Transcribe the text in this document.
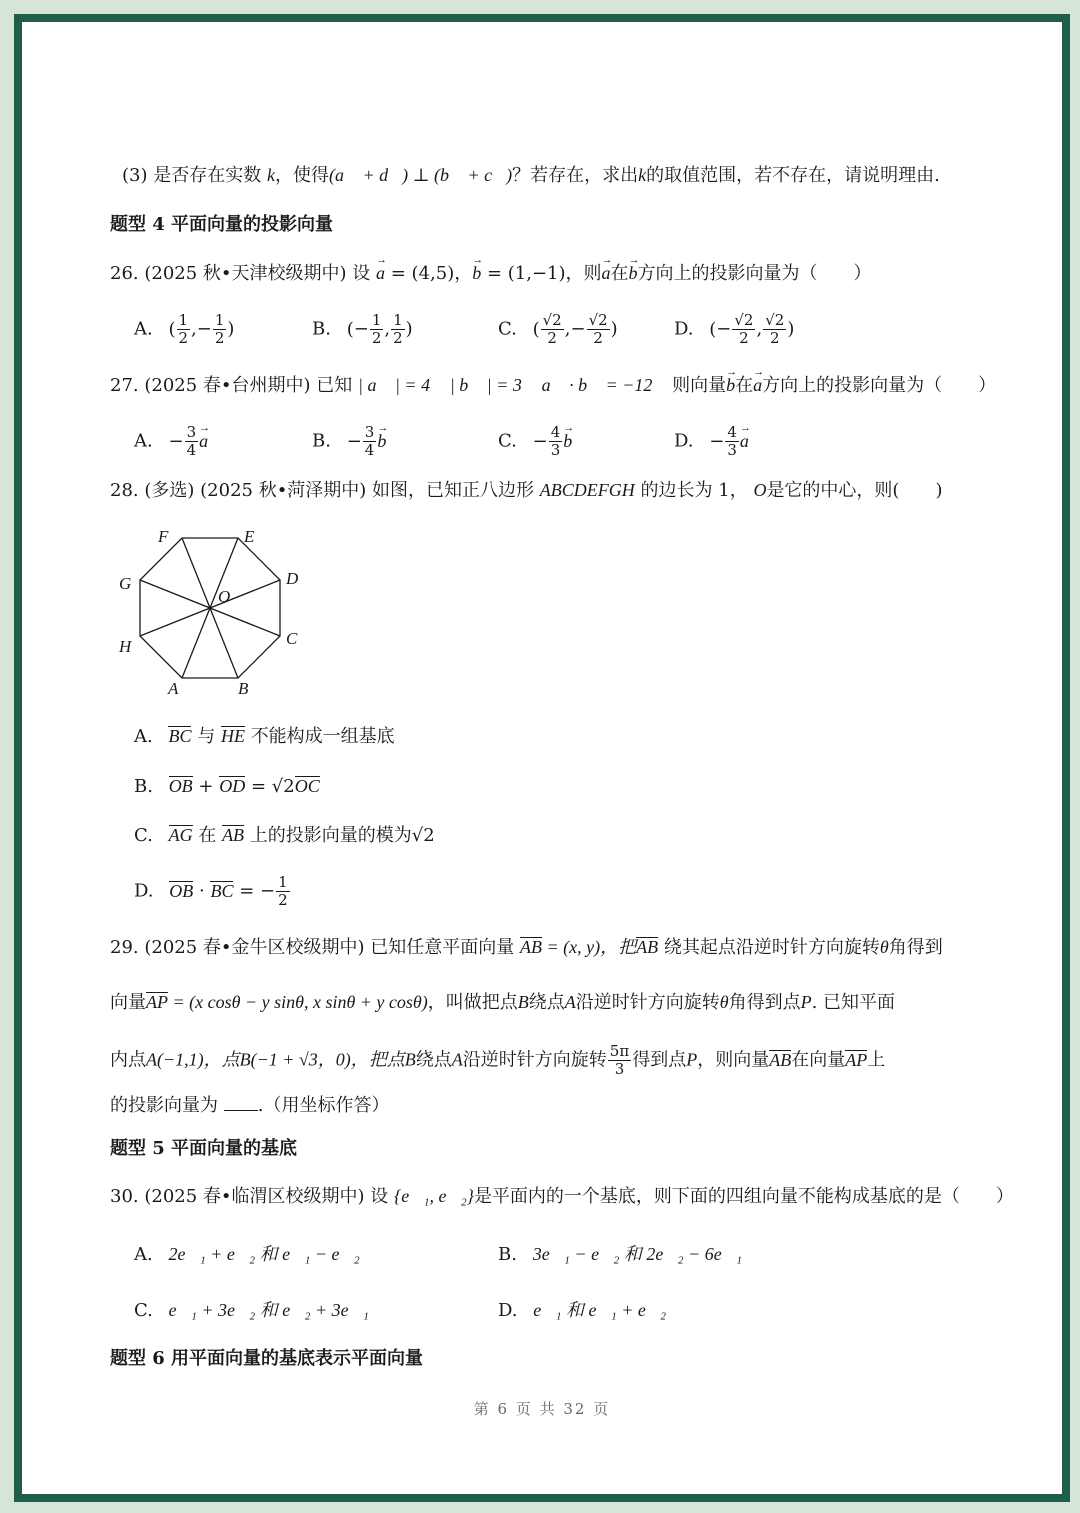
(3) 是否存在实数 k，使得(a⃗ + d⃗) ⊥ (b⃗ + c⃗)？若存在，求出k的取值范围，若不存在，请说明理由.
题型 4 平面向量的投影向量
26. (2025 秋•天津校级期中) 设 → a = (4,5)，→ b = (1,−1)，则→ a在→ b方向上的投影向量为（　　）
A. ( $\frac{1}{2}$ ,− $\frac{1}{2}$ )	B. (− $\frac{1}{2}$ , $\frac{1}{2}$ )	C. ( $\frac{√2}{2}$ ,− $\frac{√2}{2}$ )	D. (− $\frac{√2}{2}$ , $\frac{√2}{2}$ )
27. (2025 春•台州期中) 已知 | a⃗ | = 4， | b⃗ | = 3， a⃗ · b⃗ = −12， 则向量→ b在→ a方向上的投影向量为（　　）
A. − $\frac{3}{4}$
→ a	B. − $\frac{3}{4}$
→ b	C. − $\frac{4}{3}$
→ b	D. − $\frac{4}{3}$
→ a
28. (多选) (2025 秋•菏泽期中) 如图，已知正八边形 ABCDEFGH 的边长为 1， O是它的中心，则(　　)
A	B
C
D
E
F
G
H
O
A. BC 与 HE 不能构成一组基底
B. OB + OD = √2OC
C. AG 在 AB 上的投影向量的模为√2
D. OB · BC = − $\frac{1}{2}$
29. (2025 春•金牛区校级期中) 已知任意平面向量 AB = (x, y)，把AB 绕其起点沿逆时针方向旋转θ角得到
向量AP = (x cosθ − y sinθ, x sinθ + y cosθ)，叫做把点B绕点A沿逆时针方向旋转θ角得到点P. 已知平面
内点A(−1,1)，点B(−1 + √3，0)，把点B绕点A沿逆时针方向旋转 $\frac{5\pi}{3}$ 得到点P，则向量AB在向量AP上
的投影向量为 .（用坐标作答）
题型 5 平面向量的基底
30. (2025 春•临渭区校级期中) 设 {e⃗₁, e⃗₂}是平面内的一个基底，则下面的四组向量不能构成基底的是（　　）
A. 2e⃗₁ + e⃗₂ 和 e⃗₁ − e⃗₂	B. 3e⃗₁ − e⃗₂ 和 2e⃗₂ − 6e⃗₁
C. e⃗₁ + 3e⃗₂ 和 e⃗₂ + 3e⃗₁	D. e⃗₁ 和 e⃗₁ + e⃗₂
题型 6 用平面向量的基底表示平面向量
第 6 页 共 32 页
